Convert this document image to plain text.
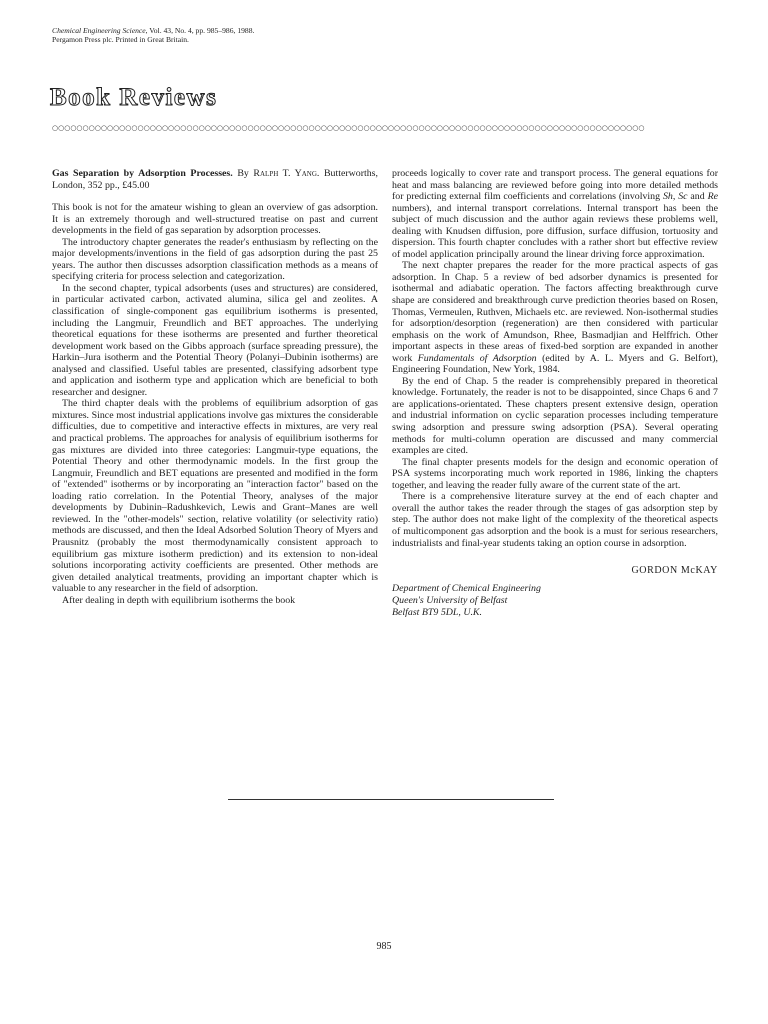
Chemical Engineering Science, Vol. 43, No. 4, pp. 985–986, 1988.
Pergamon Press plc. Printed in Great Britain.
Book Reviews
○○○○○○○○○○○○○○○○○○○○○○○○○○○○○○○○○○○○○○○○○○○○○○○○○○○○○○○○○○○○○○○○○○○○○○○○○○○○○○○○○○○○○○○○○○○○○○○○○

Gas Separation by Adsorption Processes. By Ralph T. Yang. Butterworths, London, 352 pp., £45.00

This book is not for the amateur wishing to glean an overview of gas adsorption. It is an extremely thorough and well-structured treatise on past and current developments in the field of gas separation by adsorption processes.

The introductory chapter generates the reader's enthusiasm by reflecting on the major developments/inventions in the field of gas adsorption during the past 25 years. The author then discusses adsorption classification methods as a means of specifying criteria for process selection and categorization.

In the second chapter, typical adsorbents (uses and structures) are considered, in particular activated carbon, activated alumina, silica gel and zeolites. A classification of single-component gas equilibrium isotherms is presented, including the Langmuir, Freundlich and BET approaches. The underlying theoretical equations for these isotherms are presented and further theoretical development work based on the Gibbs approach (surface spreading pressure), the Harkin–Jura isotherm and the Potential Theory (Polanyi–Dubinin isotherms) are analysed and classified. Useful tables are presented, classifying adsorbent type and application and isotherm type and application which are beneficial to both researcher and designer.

The third chapter deals with the problems of equilibrium adsorption of gas mixtures. Since most industrial applications involve gas mixtures the considerable difficulties, due to competitive and interactive effects in mixtures, are very real and practical problems. The approaches for analysis of equilibrium isotherms for gas mixtures are divided into three categories: Langmuir-type equations, the Potential Theory and other thermodynamic models. In the first group the Langmuir, Freundlich and BET equations are presented and modified in the form of "extended" isotherms or by incorporating an "interaction factor" based on the loading ratio correlation. In the Potential Theory, analyses of the major developments by Dubinin–Radushkevich, Lewis and Grant–Manes are well reviewed. In the "other-models" section, relative volatility (or selectivity ratio) methods are discussed, and then the Ideal Adsorbed Solution Theory of Myers and Prausnitz (probably the most thermodynamically consistent approach to equilibrium gas mixture isotherm prediction) and its extension to non-ideal solutions incorporating activity coefficients are presented. Other methods are given detailed analytical treatments, providing an important chapter which is valuable to any researcher in the field of adsorption.

After dealing in depth with equilibrium isotherms the book

proceeds logically to cover rate and transport process. The general equations for heat and mass balancing are reviewed before going into more detailed methods for predicting external film coefficients and correlations (involving Sh, Sc and Re numbers), and internal transport correlations. Internal transport has been the subject of much discussion and the author again reviews these problems well, dealing with Knudsen diffusion, pore diffusion, surface diffusion, tortuosity and dispersion. This fourth chapter concludes with a rather short but effective review of model application principally around the linear driving force approximation.

The next chapter prepares the reader for the more practical aspects of gas adsorption. In Chap. 5 a review of bed adsorber dynamics is presented for isothermal and adiabatic operation. The factors affecting breakthrough curve shape are considered and breakthrough curve prediction theories based on Rosen, Thomas, Vermeulen, Ruthven, Michaels etc. are reviewed. Non-isothermal studies for adsorption/desorption (regeneration) are then considered with particular emphasis on the work of Amundson, Rhee, Basmadjian and Helffrich. Other important aspects in these areas of fixed-bed sorption are expanded in another work Fundamentals of Adsorption (edited by A. L. Myers and G. Belfort), Engineering Foundation, New York, 1984.

By the end of Chap. 5 the reader is comprehensibly prepared in theoretical knowledge. Fortunately, the reader is not to be disappointed, since Chaps 6 and 7 are applications-orientated. These chapters present extensive design, operation and industrial information on cyclic separation processes including temperature swing adsorption and pressure swing adsorption (PSA). Several operating methods for multi-column operation are discussed and many commercial examples are cited.

The final chapter presents models for the design and economic operation of PSA systems incorporating much work reported in 1986, linking the chapters together, and leaving the reader fully aware of the current state of the art.

There is a comprehensive literature survey at the end of each chapter and overall the author takes the reader through the stages of gas adsorption step by step. The author does not make light of the complexity of the theoretical aspects of multicomponent gas adsorption and the book is a must for serious researchers, industrialists and final-year students taking an option course in adsorption.

GORDON McKAY
Department of Chemical Engineering
Queen's University of Belfast
Belfast BT9 5DL, U.K.
985
